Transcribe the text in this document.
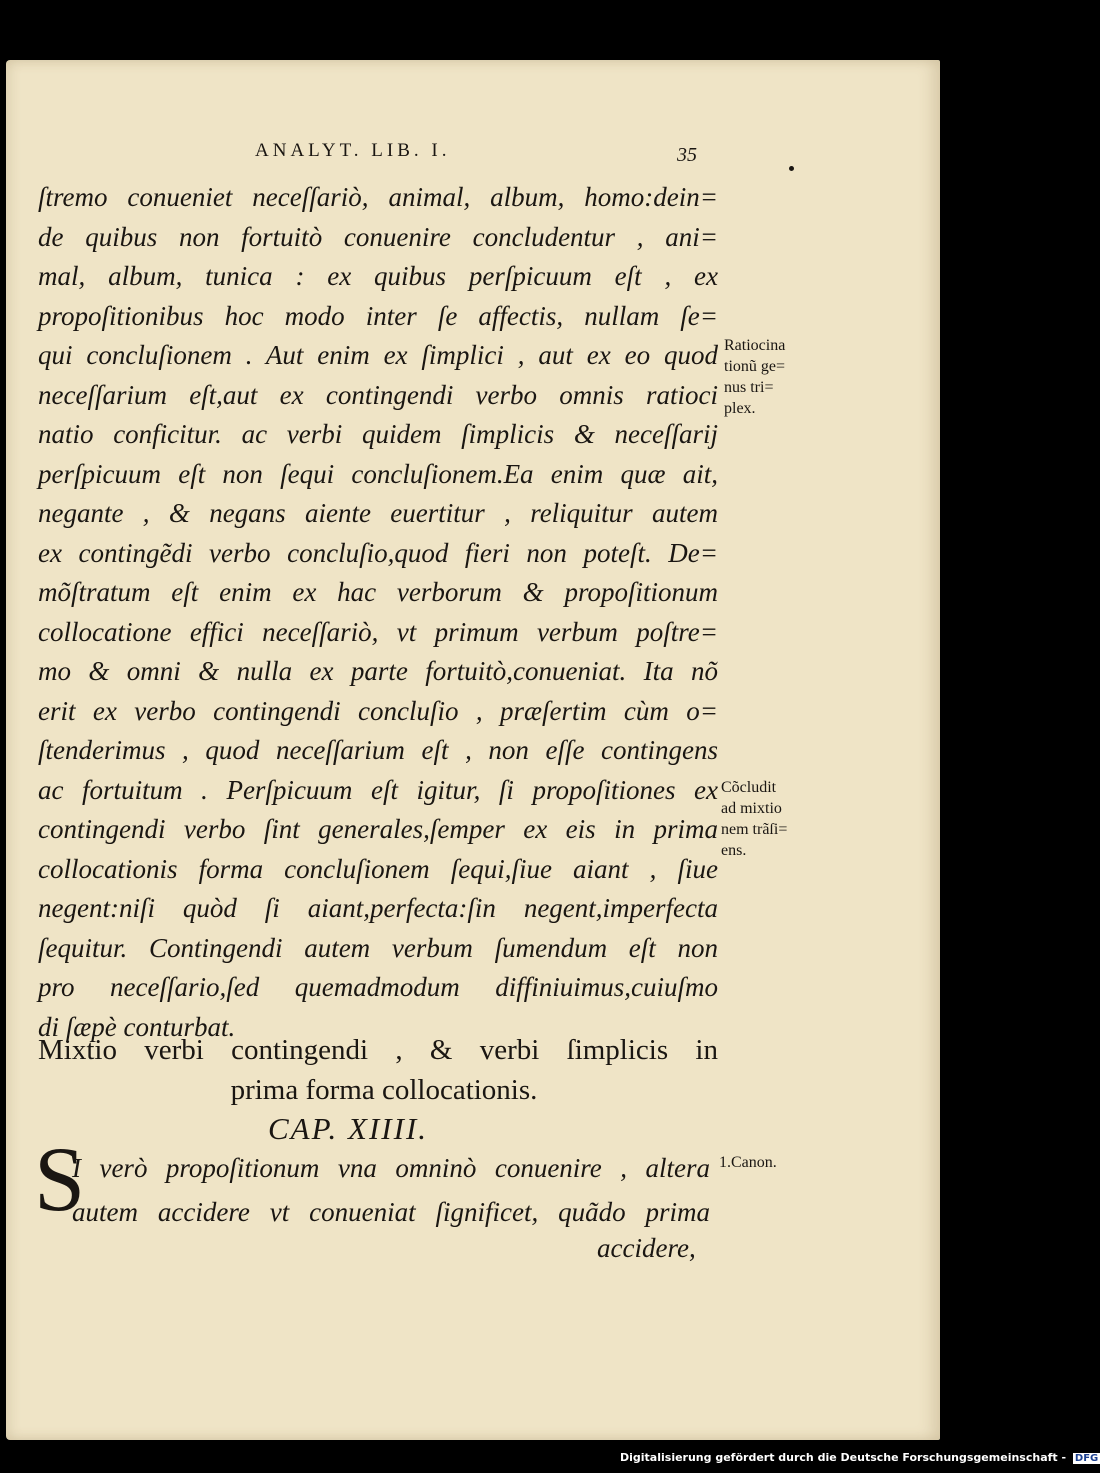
ANALYT. LIB. I.	35
ſtremo conueniet neceſſariò, animal, album, homo:dein=
de quibus non fortuitò conuenire concludentur , ani=
mal, album, tunica : ex quibus perſpicuum eſt , ex
propoſitionibus hoc modo inter ſe affectis, nullam ſe=
qui concluſionem . Aut enim ex ſimplici , aut ex eo quod
neceſſarium eſt,aut ex contingendi verbo omnis ratioci
natio conficitur. ac verbi quidem ſimplicis & neceſſarij
perſpicuum eſt non ſequi concluſionem.Ea enim quæ ait,
negante , & negans aiente euertitur , reliquitur autem
ex contingẽdi verbo concluſio,quod fieri non poteſt. De=
mõſtratum eſt enim ex hac verborum & propoſitionum
collocatione effici neceſſariò, vt primum verbum poſtre=
mo & omni & nulla ex parte fortuitò,conueniat. Ita nõ
erit ex verbo contingendi concluſio , præſertim cùm o=
ſtenderimus , quod neceſſarium eſt , non eſſe contingens
ac fortuitum . Perſpicuum eſt igitur, ſi propoſitiones ex
contingendi verbo ſint generales,ſemper ex eis in prima
collocationis forma concluſionem ſequi,ſiue aiant , ſiue
negent:niſi quòd ſi aiant,perfecta:ſin negent,imperfecta
ſequitur. Contingendi autem verbum ſumendum eſt non
pro neceſſario,ſed quemadmodum diffiniuimus,cuiuſmo
di ſæpè conturbat.
Mixtio verbi contingendi , & verbi ſimplicis in
prima forma collocationis.
CAP. XIIII.
S
I verò propoſitionum vna omninò conuenire , altera
autem accidere vt conueniat ſignificet, quãdo prima
accidere,
Ratiocina
tionũ ge=
nus tri=
plex.
Cõcludit
ad mixtio
nem trãſi=
ens.
1.Canon.
Digitalisierung gefördert durch die Deutsche Forschungsgemeinschaft - DFG
